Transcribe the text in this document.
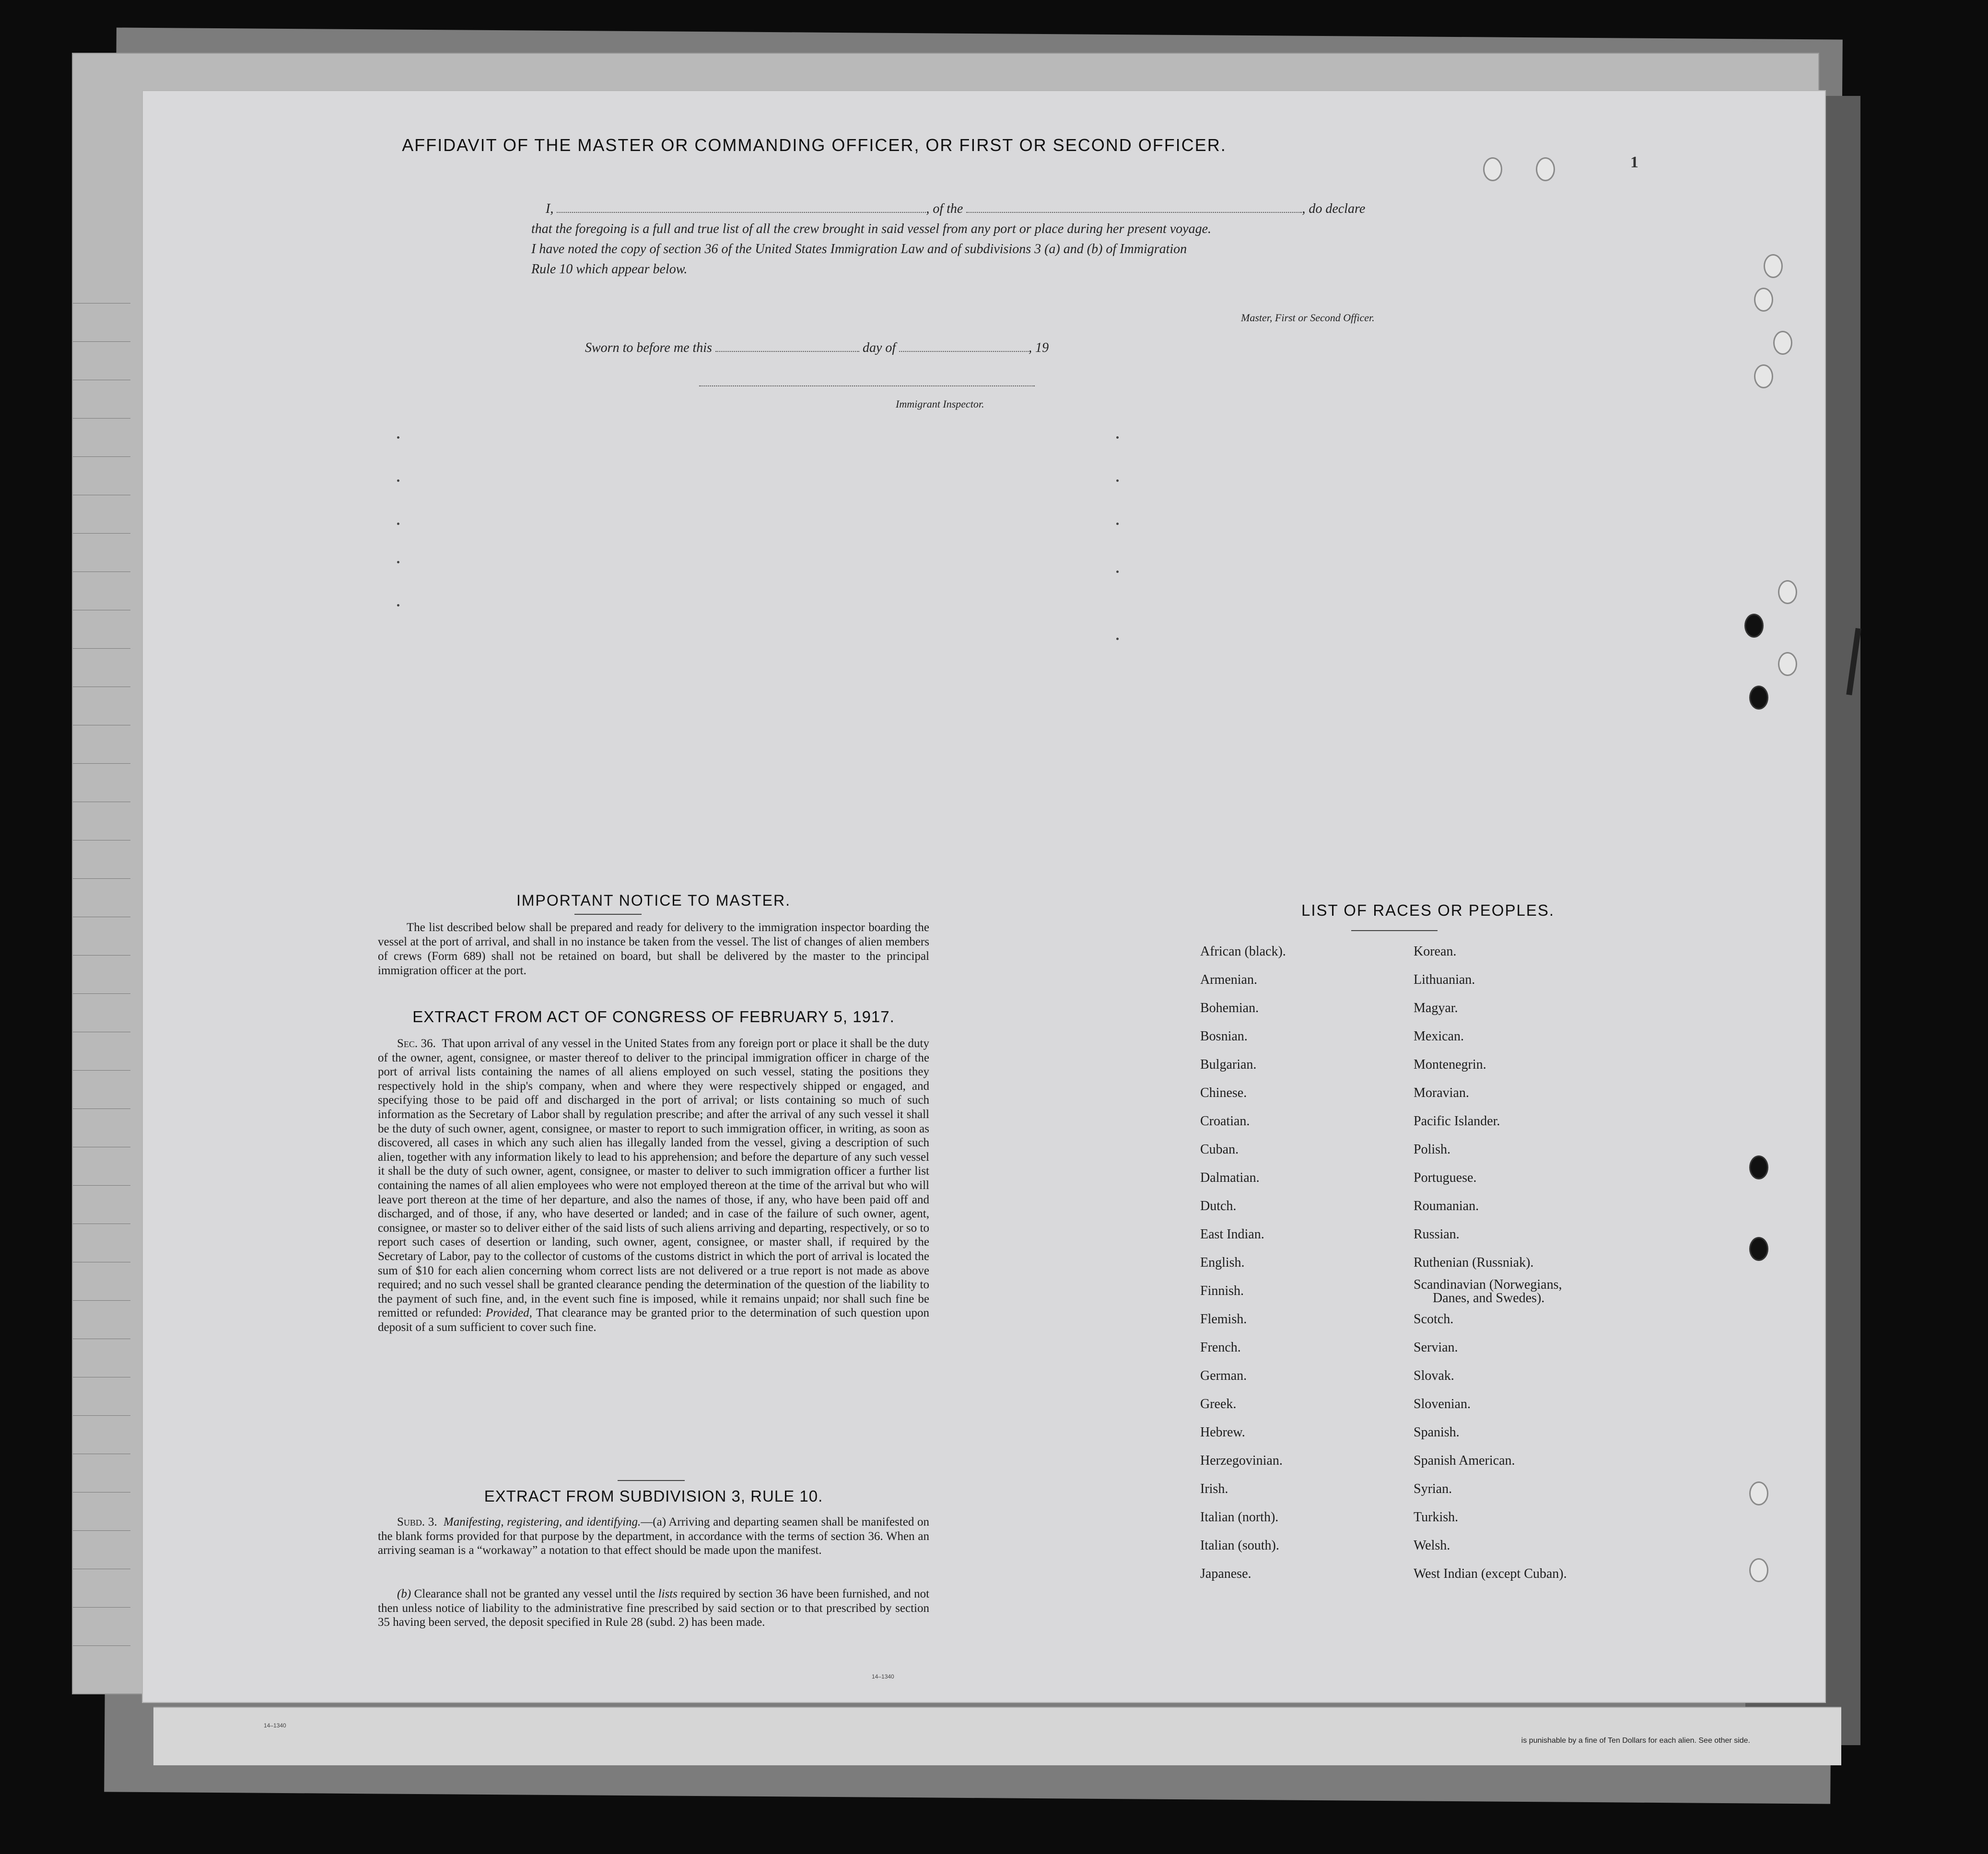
14–1340
is punishable by a fine of Ten Dollars for each alien. See other side.
1
AFFIDAVIT OF THE MASTER OR COMMANDING OFFICER, OR FIRST OR SECOND OFFICER.
I,	, of the	, do declare
that the foregoing is a full and true list of all the crew brought in said vessel from any port or place during her present voyage.
I have noted the copy of section 36 of the United States Immigration Law and of subdivisions 3 (a) and (b) of Immigration
Rule 10 which appear below.
Master, First or Second Officer.
Sworn to before me this	day of	, 19
Immigrant Inspector.
IMPORTANT NOTICE TO MASTER.
The list described below shall be prepared and ready for delivery to the immigration inspector boarding the vessel at the port of arrival, and shall in no instance be taken from the vessel. The list of changes of alien members of crews (Form 689) shall not be retained on board, but shall be delivered by the master to the principal immigration officer at the port.
EXTRACT FROM ACT OF CONGRESS OF FEBRUARY 5, 1917.
Sec. 36. That upon arrival of any vessel in the United States from any foreign port or place it shall be the duty of the owner, agent, consignee, or master thereof to deliver to the principal immigration officer in charge of the port of arrival lists containing the names of all aliens employed on such vessel, stating the positions they respectively hold in the ship's company, when and where they were respectively shipped or engaged, and specifying those to be paid off and discharged in the port of arrival; or lists containing so much of such information as the Secretary of Labor shall by regulation prescribe; and after the arrival of any such vessel it shall be the duty of such owner, agent, consignee, or master to report to such immigration officer, in writing, as soon as discovered, all cases in which any such alien has illegally landed from the vessel, giving a description of such alien, together with any information likely to lead to his apprehension; and before the departure of any such vessel it shall be the duty of such owner, agent, consignee, or master to deliver to such immigration officer a further list containing the names of all alien employees who were not employed thereon at the time of the arrival but who will leave port thereon at the time of her departure, and also the names of those, if any, who have been paid off and discharged, and of those, if any, who have deserted or landed; and in case of the failure of such owner, agent, consignee, or master so to deliver either of the said lists of such aliens arriving and departing, respectively, or so to report such cases of desertion or landing, such owner, agent, consignee, or master shall, if required by the Secretary of Labor, pay to the collector of customs of the customs district in which the port of arrival is located the sum of $10 for each alien concerning whom correct lists are not delivered or a true report is not made as above required; and no such vessel shall be granted clearance pending the determination of the question of the liability to the payment of such fine, and, in the event such fine is imposed, while it remains unpaid; nor shall such fine be remitted or refunded: Provided, That clearance may be granted prior to the determination of such question upon deposit of a sum sufficient to cover such fine.
EXTRACT FROM SUBDIVISION 3, RULE 10.
Subd. 3. Manifesting, registering, and identifying.—(a) Arriving and departing seamen shall be manifested on the blank forms provided for that purpose by the department, in accordance with the terms of section 36. When an arriving seaman is a “workaway” a notation to that effect should be made upon the manifest.
(b) Clearance shall not be granted any vessel until the lists required by section 36 have been furnished, and not then unless notice of liability to the administrative fine prescribed by said section or to that prescribed by section 35 having been served, the deposit specified in Rule 28 (subd. 2) has been made.
14–1340
LIST OF RACES OR PEOPLES.
African (black).
Armenian.
Bohemian.
Bosnian.
Bulgarian.
Chinese.
Croatian.
Cuban.
Dalmatian.
Dutch.
East Indian.
English.
Finnish.
Flemish.
French.
German.
Greek.
Hebrew.
Herzegovinian.
Irish.
Italian (north).
Italian (south).
Japanese.
Korean.
Lithuanian.
Magyar.
Mexican.
Montenegrin.
Moravian.
Pacific Islander.
Polish.
Portuguese.
Roumanian.
Russian.
Ruthenian (Russniak).
Scandinavian (Norwegians,
Danes, and Swedes).
Scotch.
Servian.
Slovak.
Slovenian.
Spanish.
Spanish American.
Syrian.
Turkish.
Welsh.
West Indian (except Cuban).
